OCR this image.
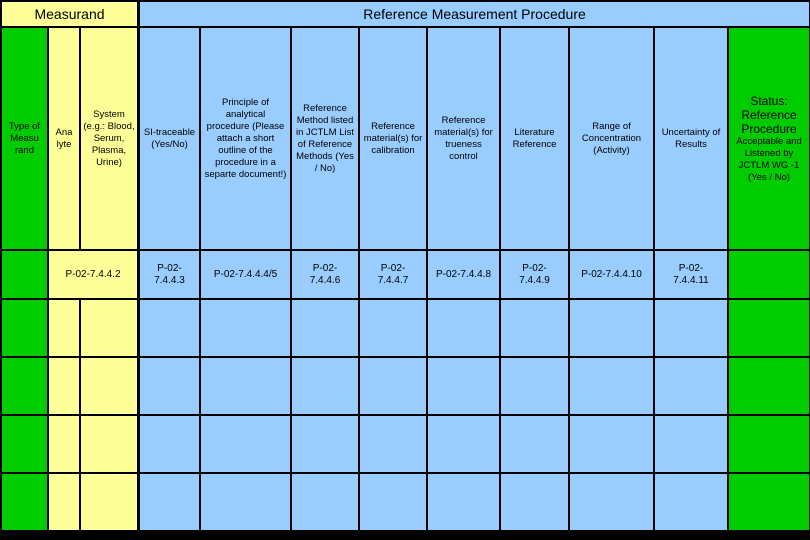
Measurand	Reference Measurement Procedure
Type of Measu rand
Ana lyte
System (e.g.: Blood, Serum, Plasma, Urine)
SI-traceable (Yes/No)
Principle of analytical procedure (Please attach a short outline of the procedure in a separte document!)
Reference Method listed in JCTLM List of Reference Methods (Yes / No)
Reference material(s) for calibration
Reference material(s) for trueness control
Literature Reference
Range of Concentration (Activity)
Uncertainty of Results
Status: Reference Procedure
Acceptable and Listened by JCTLM WG -1 (Yes / No)
P-02-7.4.4.2
P-02-7.4.4.3
P-02-7.4.4.4/5
P-02-7.4.4.6
P-02-7.4.4.7
P-02-7.4.4.8
P-02-7.4.4.9
P-02-7.4.4.10
P-02-7.4.4.11
